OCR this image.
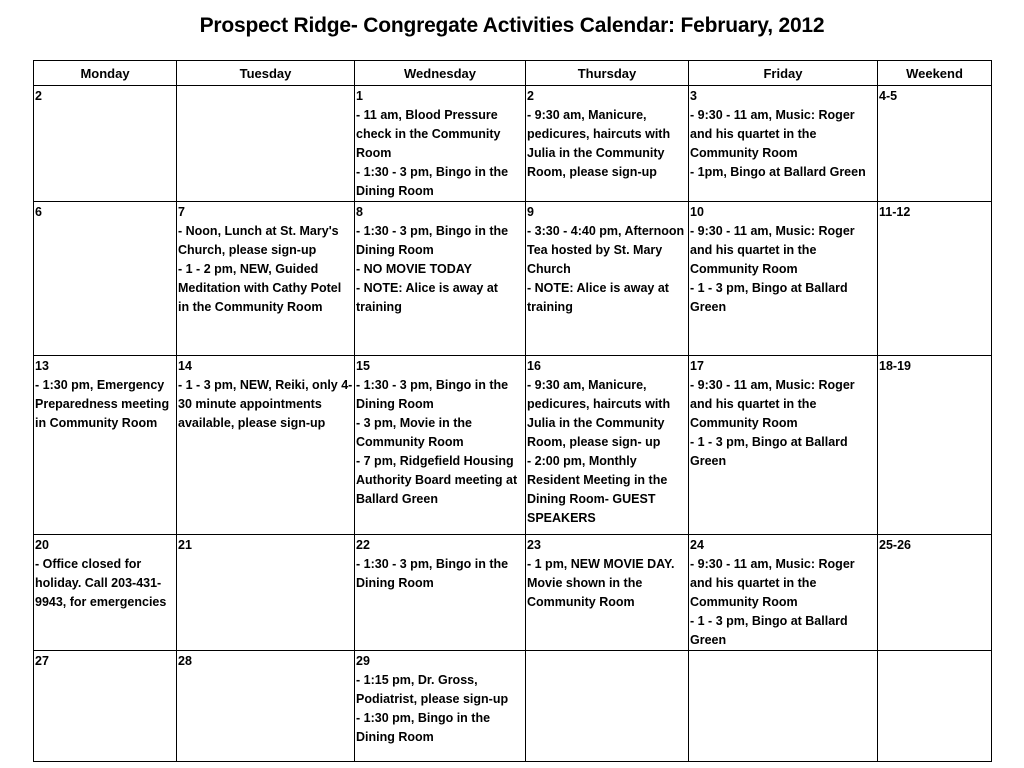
Prospect Ridge- Congregate Activities Calendar: February, 2012
Monday	Tuesday	Wednesday	Thursday	Friday	Weekend

2		1
- 11 am, Blood Pressure check in the Community Room
- 1:30 - 3 pm, Bingo in the Dining Room	2
- 9:30 am, Manicure, pedicures, haircuts with Julia in the Community Room, please sign-up	3
- 9:30 - 11 am, Music: Roger and his quartet in the Community Room
- 1pm, Bingo at Ballard Green	4-5

6	7
- Noon, Lunch at St. Mary's Church, please sign-up
- 1 - 2 pm, NEW, Guided Meditation with Cathy Potel in the Community Room	8
- 1:30 - 3 pm, Bingo in the Dining Room
- NO MOVIE TODAY
- NOTE: Alice is away at training	9
- 3:30 - 4:40 pm, Afternoon Tea hosted by St. Mary Church
- NOTE: Alice is away at training	10
- 9:30 - 11 am, Music: Roger and his quartet in the Community Room
- 1 - 3 pm, Bingo at Ballard Green	11-12

13
- 1:30 pm, Emergency Preparedness meeting in Community Room	14
- 1 - 3 pm, NEW, Reiki, only 4- 30 minute appointments available, please sign-up	15
- 1:30 - 3 pm, Bingo in the Dining Room
- 3 pm, Movie in the Community Room
- 7 pm, Ridgefield Housing Authority Board meeting at Ballard Green	16
- 9:30 am, Manicure, pedicures, haircuts with Julia in the Community Room, please sign- up
- 2:00 pm, Monthly Resident Meeting in the Dining Room- GUEST SPEAKERS	17
- 9:30 - 11 am, Music: Roger and his quartet in the Community Room
- 1 - 3 pm, Bingo at Ballard Green	18-19

20
- Office closed for holiday. Call 203-431-9943, for emergencies	21	22
- 1:30 - 3 pm, Bingo in the Dining Room	23
- 1 pm, NEW MOVIE DAY. Movie shown in the Community Room	24
- 9:30 - 11 am, Music: Roger and his quartet in the Community Room
- 1 - 3 pm, Bingo at Ballard Green	25-26

27	28	29
- 1:15 pm, Dr. Gross, Podiatrist, please sign-up
- 1:30 pm, Bingo in the Dining Room			
